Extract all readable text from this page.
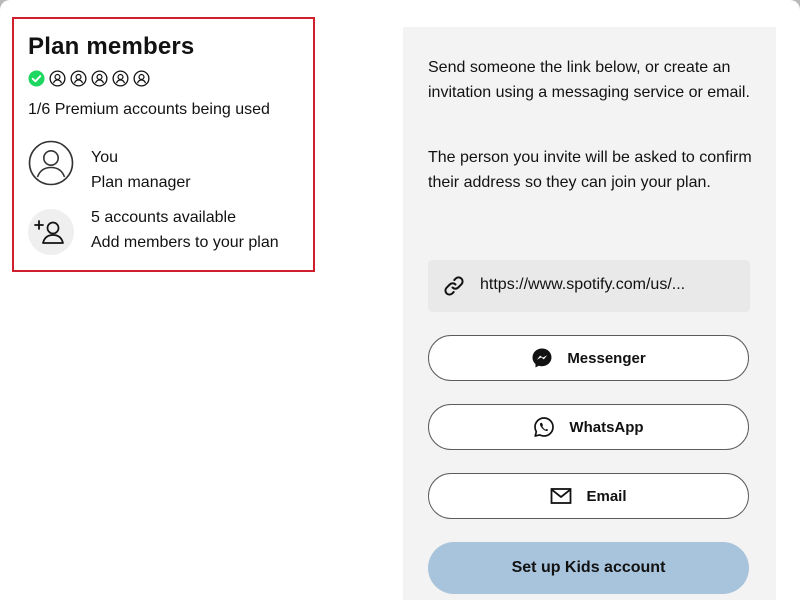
Plan members
1/6 Premium accounts being used
You
Plan manager
5 accounts available
Add members to your plan

Send someone the link below, or create an invitation using a messaging service or email.

The person you invite will be asked to confirm their address so they can join your plan.

https://www.spotify.com/us/...
Messenger
WhatsApp
Email
Set up Kids account
